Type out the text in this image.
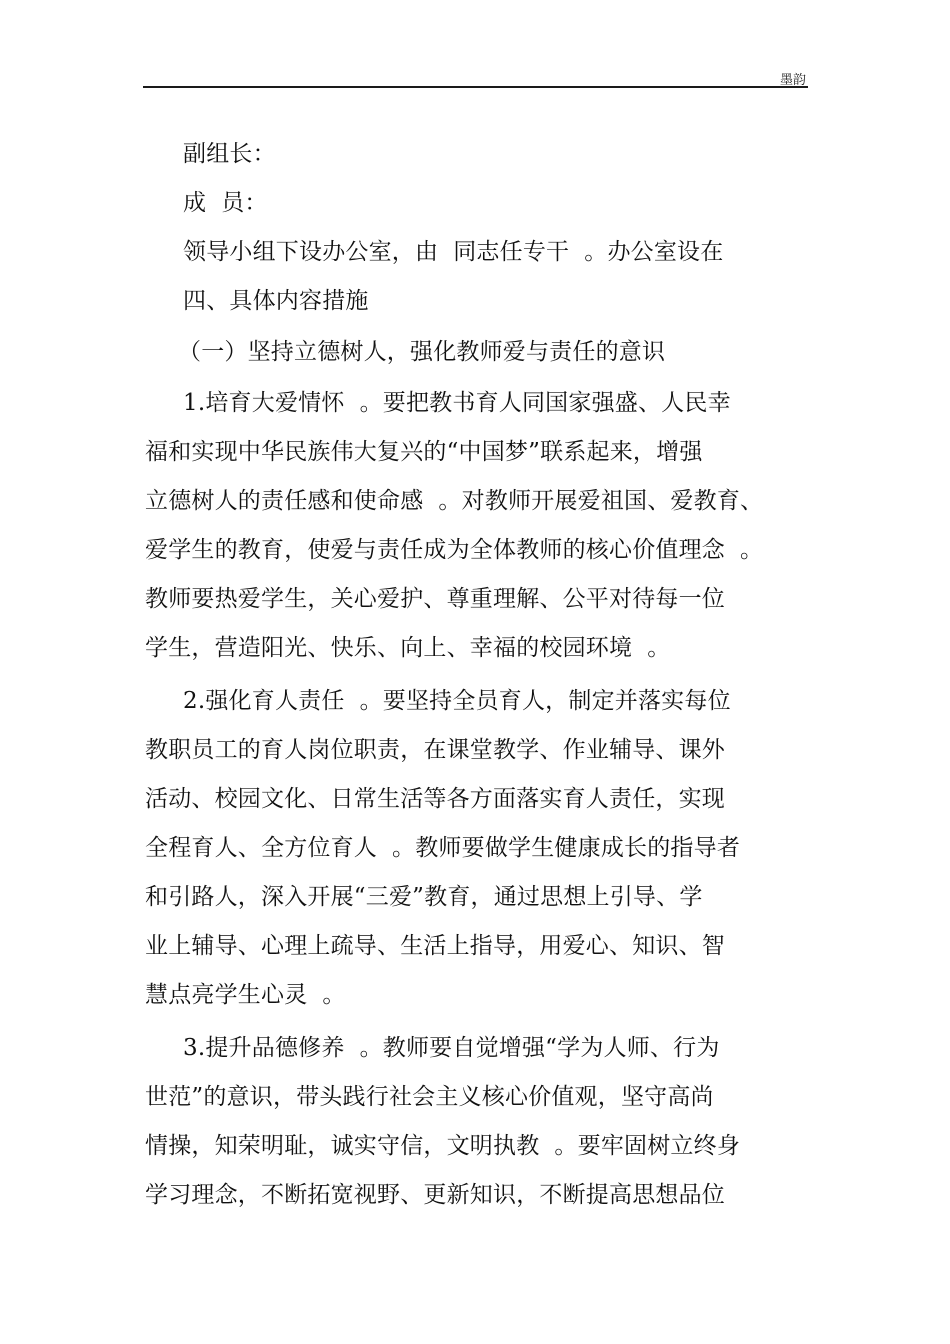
墨韵
副组长：
成  员：
领导小组下设办公室，由  同志任专干  。办公室设在
四、具体内容措施
（一）坚持立德树人，强化教师爱与责任的意识
1.培育大爱情怀  。要把教书育人同国家强盛、人民幸
福和实现中华民族伟大复兴的“中国梦”联系起来，增强
立德树人的责任感和使命感  。对教师开展爱祖国、爱教育、
爱学生的教育，使爱与责任成为全体教师的核心价值理念  。
教师要热爱学生，关心爱护、尊重理解、公平对待每一位
学生，营造阳光、快乐、向上、幸福的校园环境  。
2.强化育人责任  。要坚持全员育人，制定并落实每位
教职员工的育人岗位职责，在课堂教学、作业辅导、课外
活动、校园文化、日常生活等各方面落实育人责任，实现
全程育人、全方位育人  。教师要做学生健康成长的指导者
和引路人，深入开展“三爱”教育，通过思想上引导、学
业上辅导、心理上疏导、生活上指导，用爱心、知识、智
慧点亮学生心灵  。
3.提升品德修养  。教师要自觉增强“学为人师、行为
世范”的意识，带头践行社会主义核心价值观，坚守高尚
情操，知荣明耻，诚实守信，文明执教  。要牢固树立终身
学习理念，不断拓宽视野、更新知识，不断提高思想品位
